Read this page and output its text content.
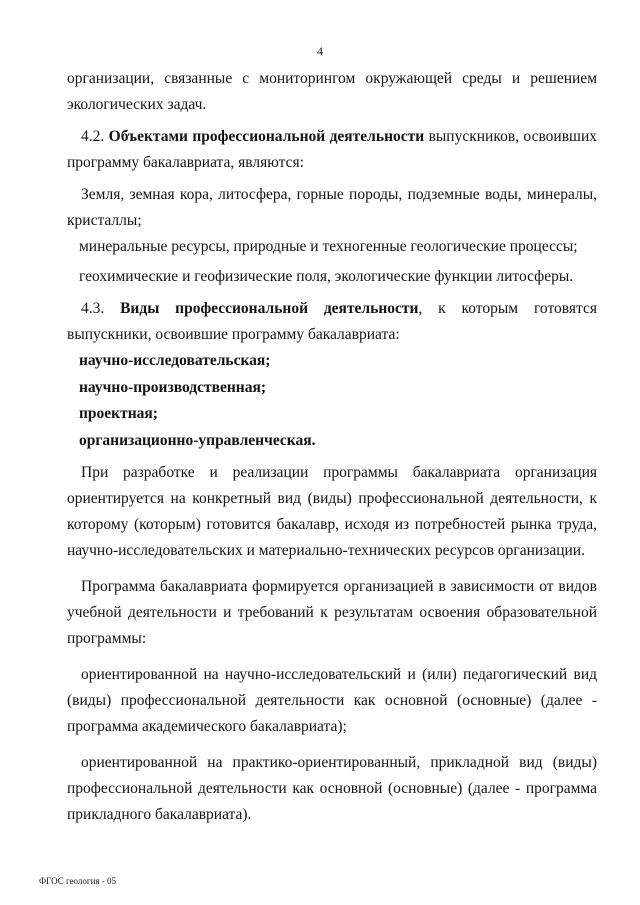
4

организации, связанные с мониторингом окружающей среды и решением экологических задач.

4.2. Объектами профессиональной деятельности выпускников, освоивших программу бакалавриата, являются:

Земля, земная кора, литосфера, горные породы, подземные воды, минералы, кристаллы;

минеральные ресурсы, природные и техногенные геологические процессы;

геохимические и геофизические поля, экологические функции литосферы.

4.3. Виды профессиональной деятельности, к которым готовятся выпускники, освоившие программу бакалавриата:

научно-исследовательская;

научно-производственная;

проектная;

организационно-управленческая.

При разработке и реализации программы бакалавриата организация ориентируется на конкретный вид (виды) профессиональной деятельности, к которому (которым) готовится бакалавр, исходя из потребностей рынка труда, научно-исследовательских и материально-технических ресурсов организации.

Программа бакалавриата формируется организацией в зависимости от видов учебной деятельности и требований к результатам освоения образовательной программы:

ориентированной на научно-исследовательский и (или) педагогический вид (виды) профессиональной деятельности как основной (основные) (далее - программа академического бакалавриата);

ориентированной на практико-ориентированный, прикладной вид (виды) профессиональной деятельности как основной (основные) (далее - программа прикладного бакалавриата).

ФГОС геология - 05
